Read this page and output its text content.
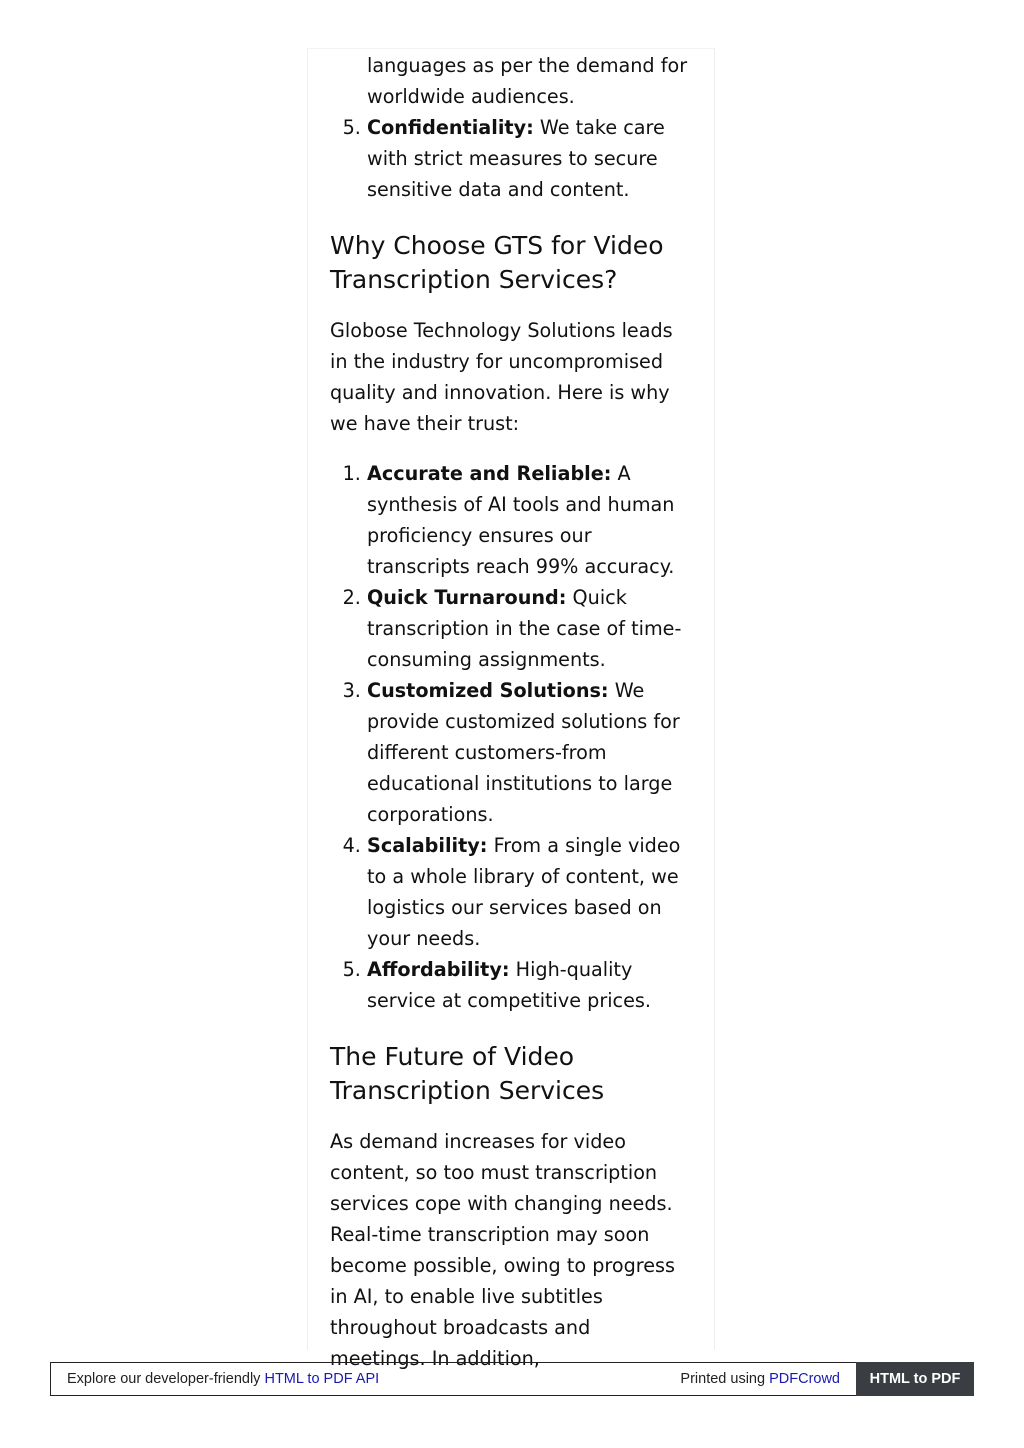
languages as per the demand for worldwide audiences.
5. Confidentiality: We take care with strict measures to secure sensitive data and content.
Why Choose GTS for Video Transcription Services?

Globose Technology Solutions leads in the industry for uncompromised quality and innovation. Here is why we have their trust:

1. Accurate and Reliable: A synthesis of AI tools and human proficiency ensures our transcripts reach 99% accuracy.
2. Quick Turnaround: Quick transcription in the case of time-consuming assignments.
3. Customized Solutions: We provide customized solutions for different customers-from educational institutions to large corporations.
4. Scalability: From a single video to a whole library of content, we logistics our services based on your needs.
5. Affordability: High-quality service at competitive prices.
The Future of Video Transcription Services

As demand increases for video content, so too must transcription services cope with changing needs. Real-time transcription may soon become possible, owing to progress in AI, to enable live subtitles throughout broadcasts and meetings. In addition,

Explore our developer-friendly HTML to PDF API	Printed using PDFCrowd	HTML to PDF
